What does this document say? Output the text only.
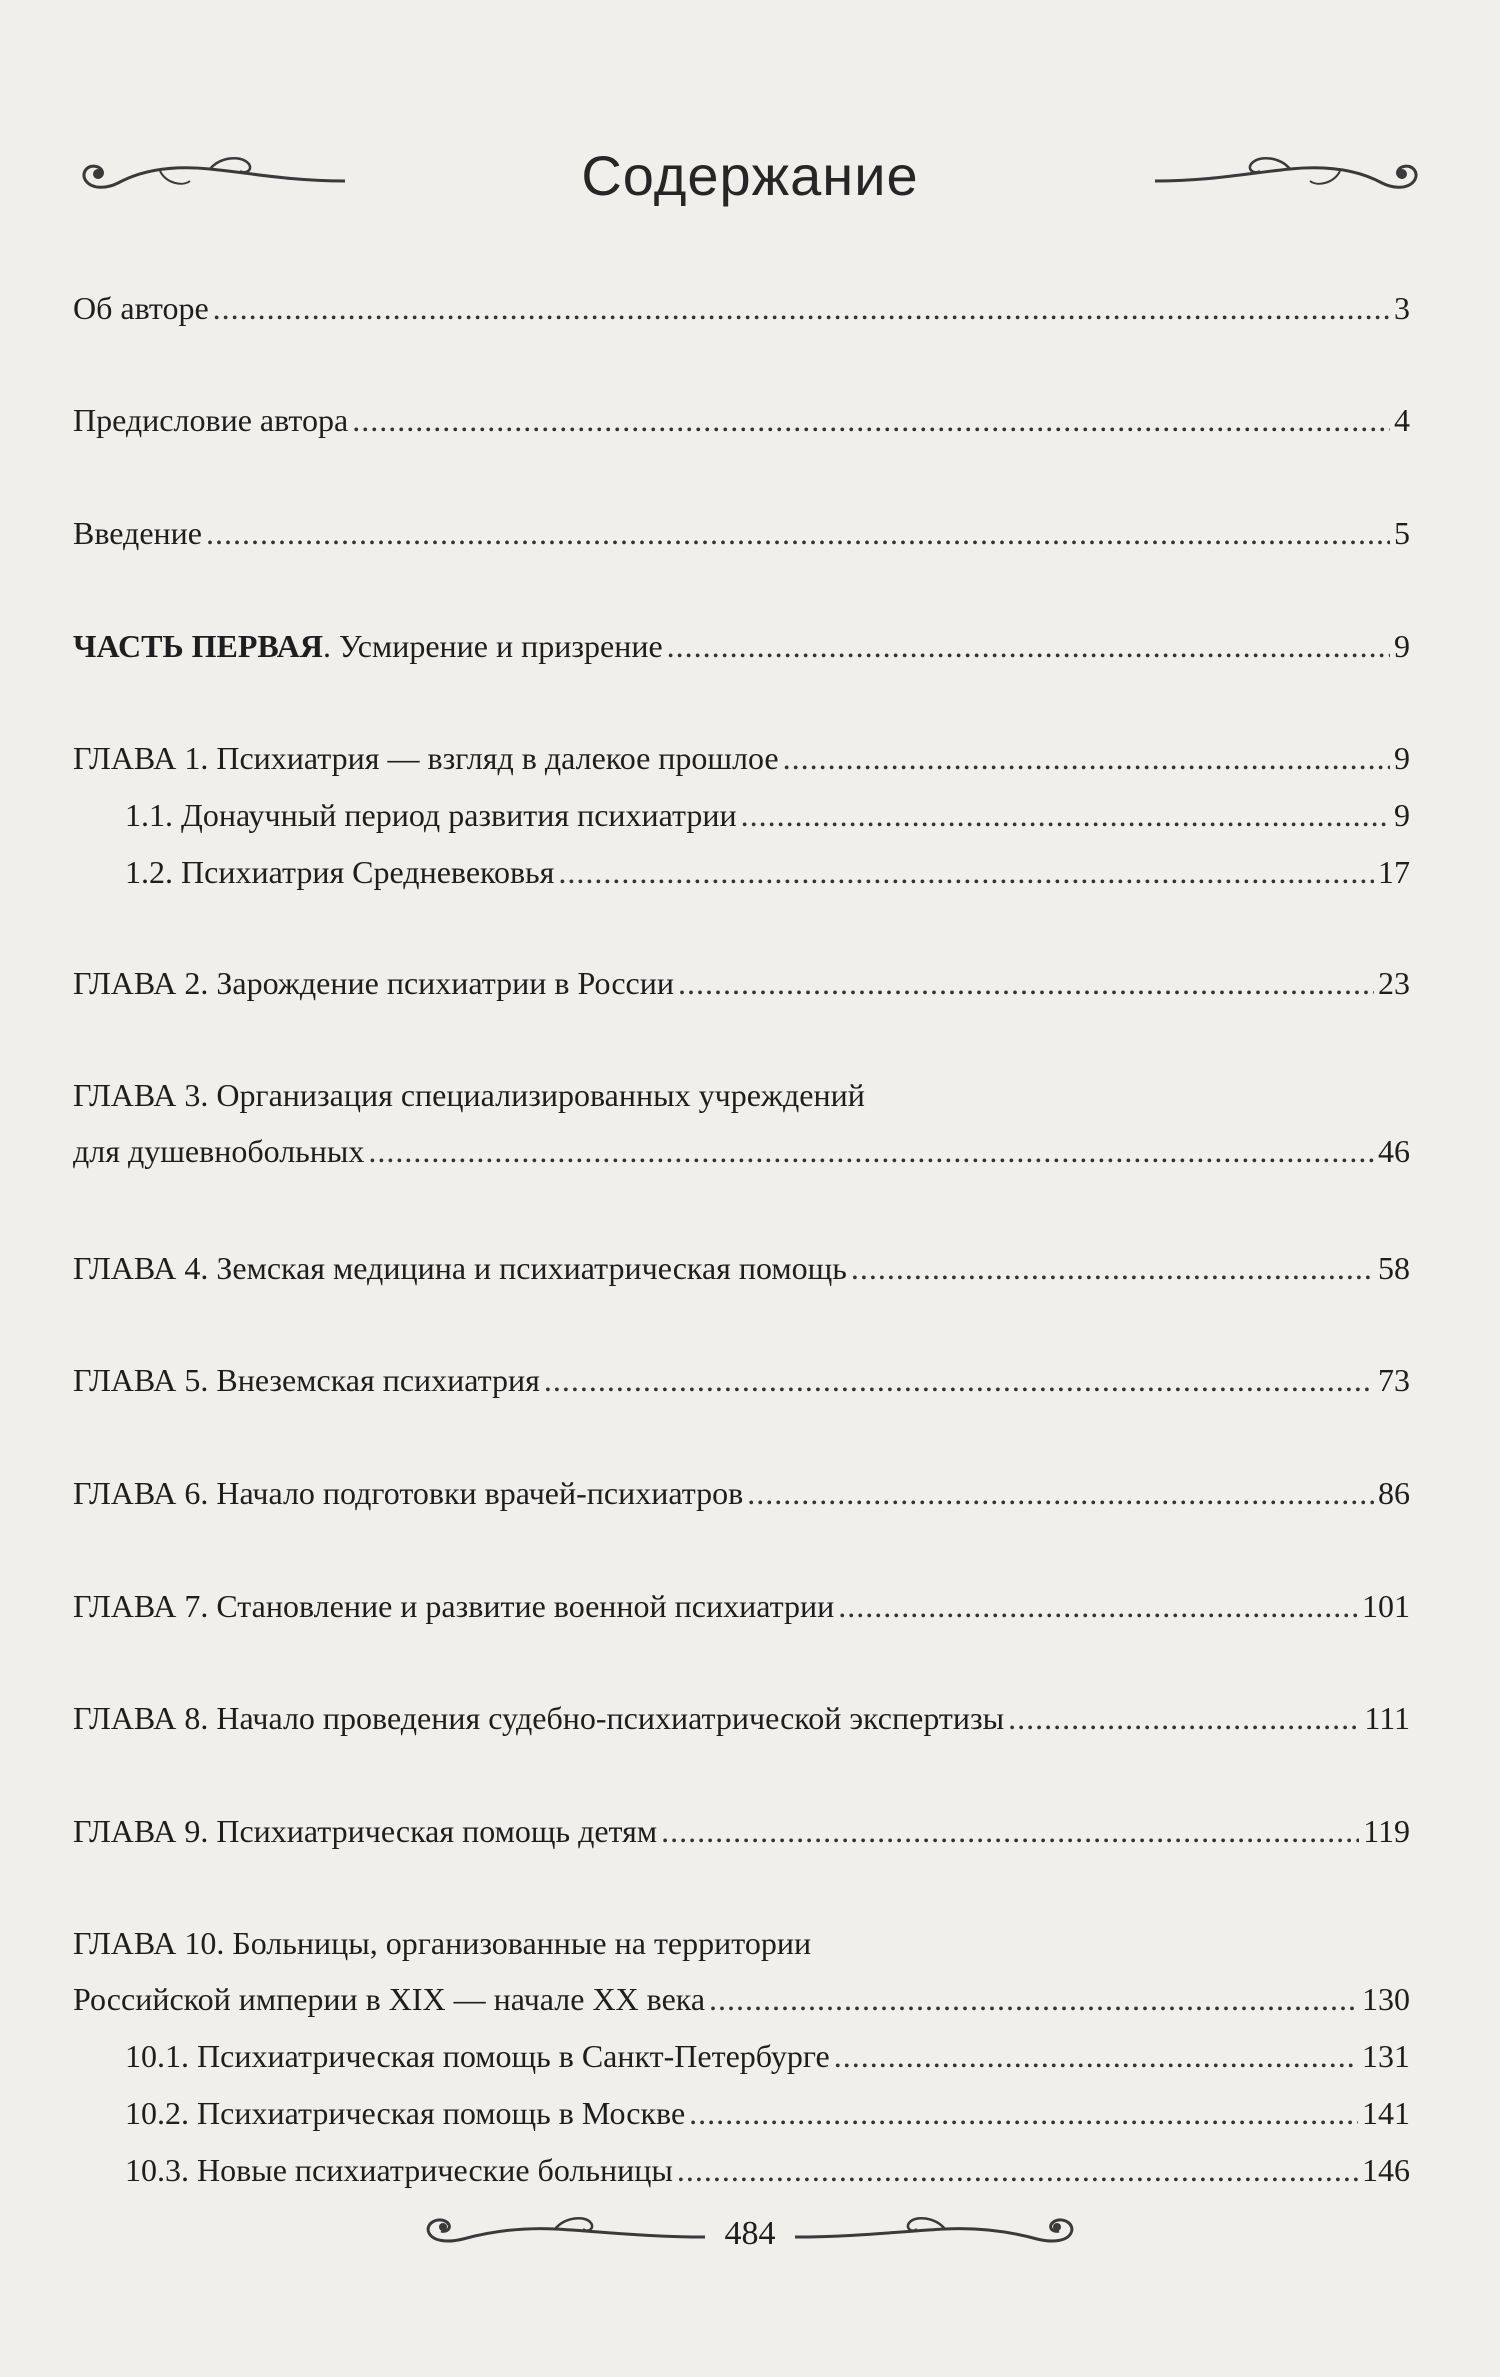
Содержание
Об авторе .....	3
Предисловие автора .....	4
Введение .....	5
ЧАСТЬ ПЕРВАЯ. Усмирение и призрение .....	9
ГЛАВА 1. Психиатрия — взгляд в далекое прошлое .....	9
1.1. Донаучный период развития психиатрии .....	9
1.2. Психиатрия Средневековья .....	17
ГЛАВА 2. Зарождение психиатрии в России .....	23
ГЛАВА 3. Организация специализированных учреждений
для душевнобольных .....	46
ГЛАВА 4. Земская медицина и психиатрическая помощь .....	58
ГЛАВА 5. Внеземская психиатрия .....	73
ГЛАВА 6. Начало подготовки врачей-психиатров .....	86
ГЛАВА 7. Становление и развитие военной психиатрии .....	101
ГЛАВА 8. Начало проведения судебно-психиатрической экспертизы .....	111
ГЛАВА 9. Психиатрическая помощь детям .....	119
ГЛАВА 10. Больницы, организованные на территории
Российской империи в XIX — начале XX века .....	130
10.1. Психиатрическая помощь в Санкт-Петербурге .....	131
10.2. Психиатрическая помощь в Москве .....	141
10.3. Новые психиатрические больницы .....	146
484
